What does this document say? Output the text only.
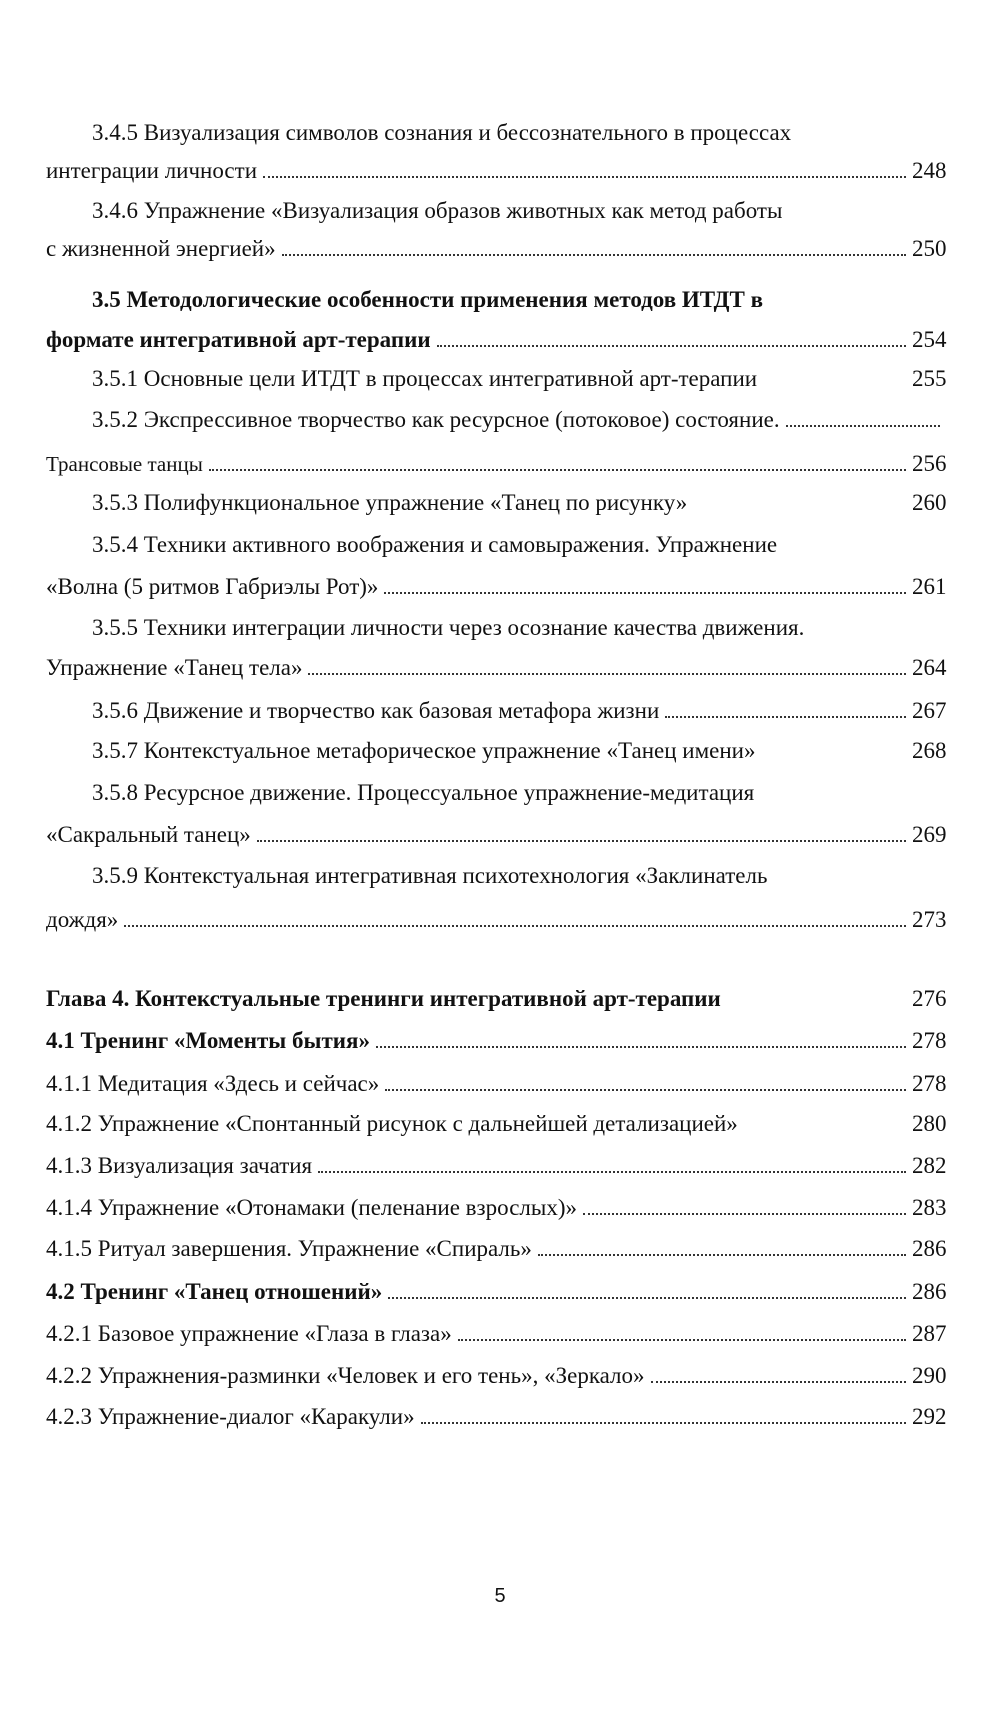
3.4.5 Визуализация символов сознания и бессознательного в процессах
интеграции личности	248
3.4.6 Упражнение «Визуализация образов животных как метод работы
с жизненной энергией»	250
3.5 Методологические особенности применения методов ИТДТ в
формате интегративной арт-терапии	254
3.5.1 Основные цели ИТДТ в процессах интегративной арт-терапии	255
3.5.2 Экспрессивное творчество как ресурсное (потоковое) состояние.
Трансовые танцы	256
3.5.3 Полифункциональное упражнение «Танец по рисунку»	260
3.5.4 Техники активного воображения и самовыражения. Упражнение
«Волна (5 ритмов Габриэлы Рот)»	261
3.5.5 Техники интеграции личности через осознание качества движения.
Упражнение «Танец тела»	264
3.5.6 Движение и творчество как базовая метафора жизни	267
3.5.7 Контекстуальное метафорическое упражнение «Танец имени»	268
3.5.8 Ресурсное движение. Процессуальное упражнение-медитация
«Сакральный танец»	269
3.5.9 Контекстуальная интегративная психотехнология «Заклинатель
дождя»	273
Глава 4. Контекстуальные тренинги интегративной арт-терапии	276
4.1 Тренинг «Моменты бытия»	278
4.1.1 Медитация «Здесь и сейчас»	278
4.1.2 Упражнение «Спонтанный рисунок с дальнейшей детализацией»	280
4.1.3 Визуализация зачатия	282
4.1.4 Упражнение «Отонамаки (пеленание взрослых)»	283
4.1.5 Ритуал завершения. Упражнение «Спираль»	286
4.2 Тренинг «Танец отношений»	286
4.2.1 Базовое упражнение «Глаза в глаза»	287
4.2.2 Упражнения-разминки «Человек и его тень», «Зеркало»	290
4.2.3 Упражнение-диалог «Каракули»	292
5
